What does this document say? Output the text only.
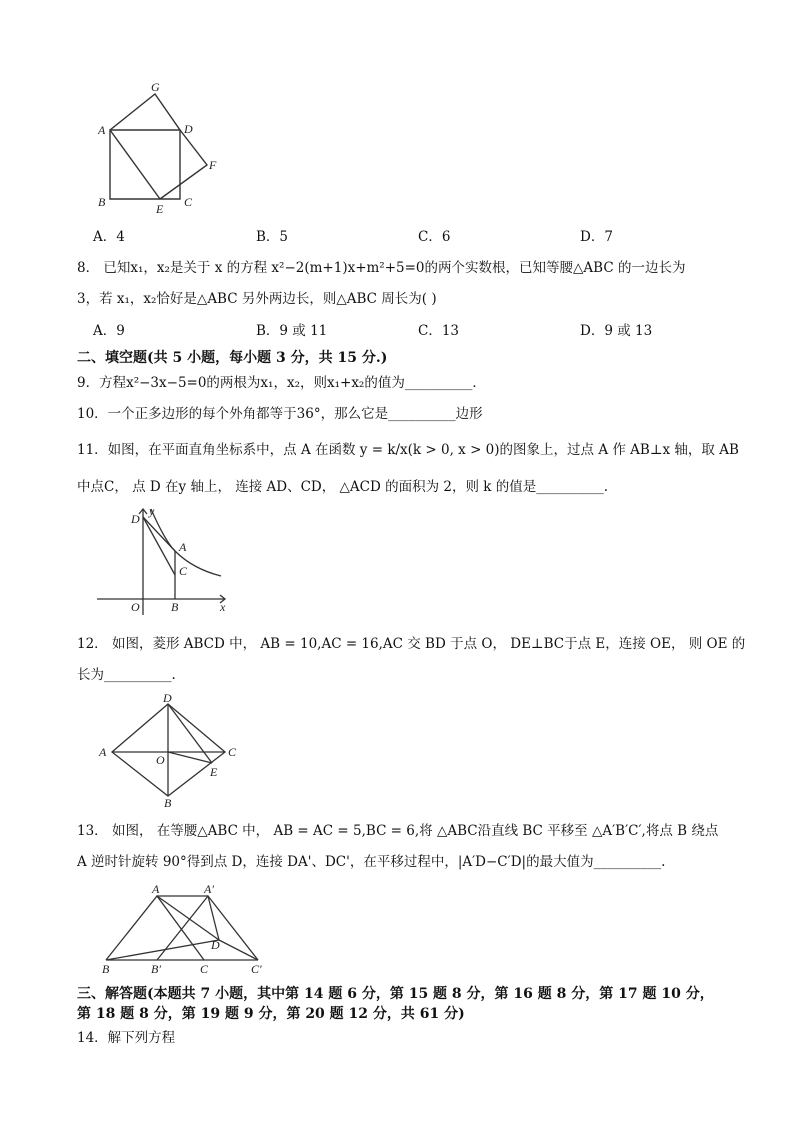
G
A	D
F
B	E C
A．4	B．5	C．6	D．7
8． 已知x₁，x₂是关于 x 的方程 x²−2(m+1)x+m²+5=0的两个实数根，已知等腰△ABC 的一边长为
3，若 x₁，x₂恰好是△ABC 另外两边长，则△ABC 周长为( )
A．9	B．9 或 11	C．13	D．9 或 13
二、填空题(共 5 小题，每小题 3 分，共 15 分.)
9．方程x²−3x−5=0的两根为x₁，x₂，则x₁+x₂的值为__________．
10．一个正多边形的每个外角都等于36°，那么它是__________边形
11．如图，在平面直角坐标系中，点 A 在函数 y = k/x(k > 0, x > 0)的图象上，过点 A 作 AB⊥x 轴，取 AB
中点C， 点 D 在y 轴上， 连接 AD、CD， △ACD 的面积为 2，则 k 的值是__________.
D
y
A
C
O	B	x
12． 如图，菱形 ABCD 中， AB = 10,AC = 16,AC 交 BD 于点 O， DE⊥BC于点 E，连接 OE， 则 OE 的
长为__________.
D
A
O
C
E
B
13． 如图， 在等腰△ABC 中， AB = AC = 5,BC = 6,将 △ABC沿直线 BC 平移至 △A′B′C′,将点 B 绕点
A 逆时针旋转 90°得到点 D，连接 DA'、DC'，在平移过程中，|A′D−C′D|的最大值为__________.
A	A′
D
B	B′	C	C′
三、解答题(本题共 7 小题，其中第 14 题 6 分，第 15 题 8 分，第 16 题 8 分，第 17 题 10 分，
第 18 题 8 分，第 19 题 9 分，第 20 题 12 分，共 61 分)
14．解下列方程
